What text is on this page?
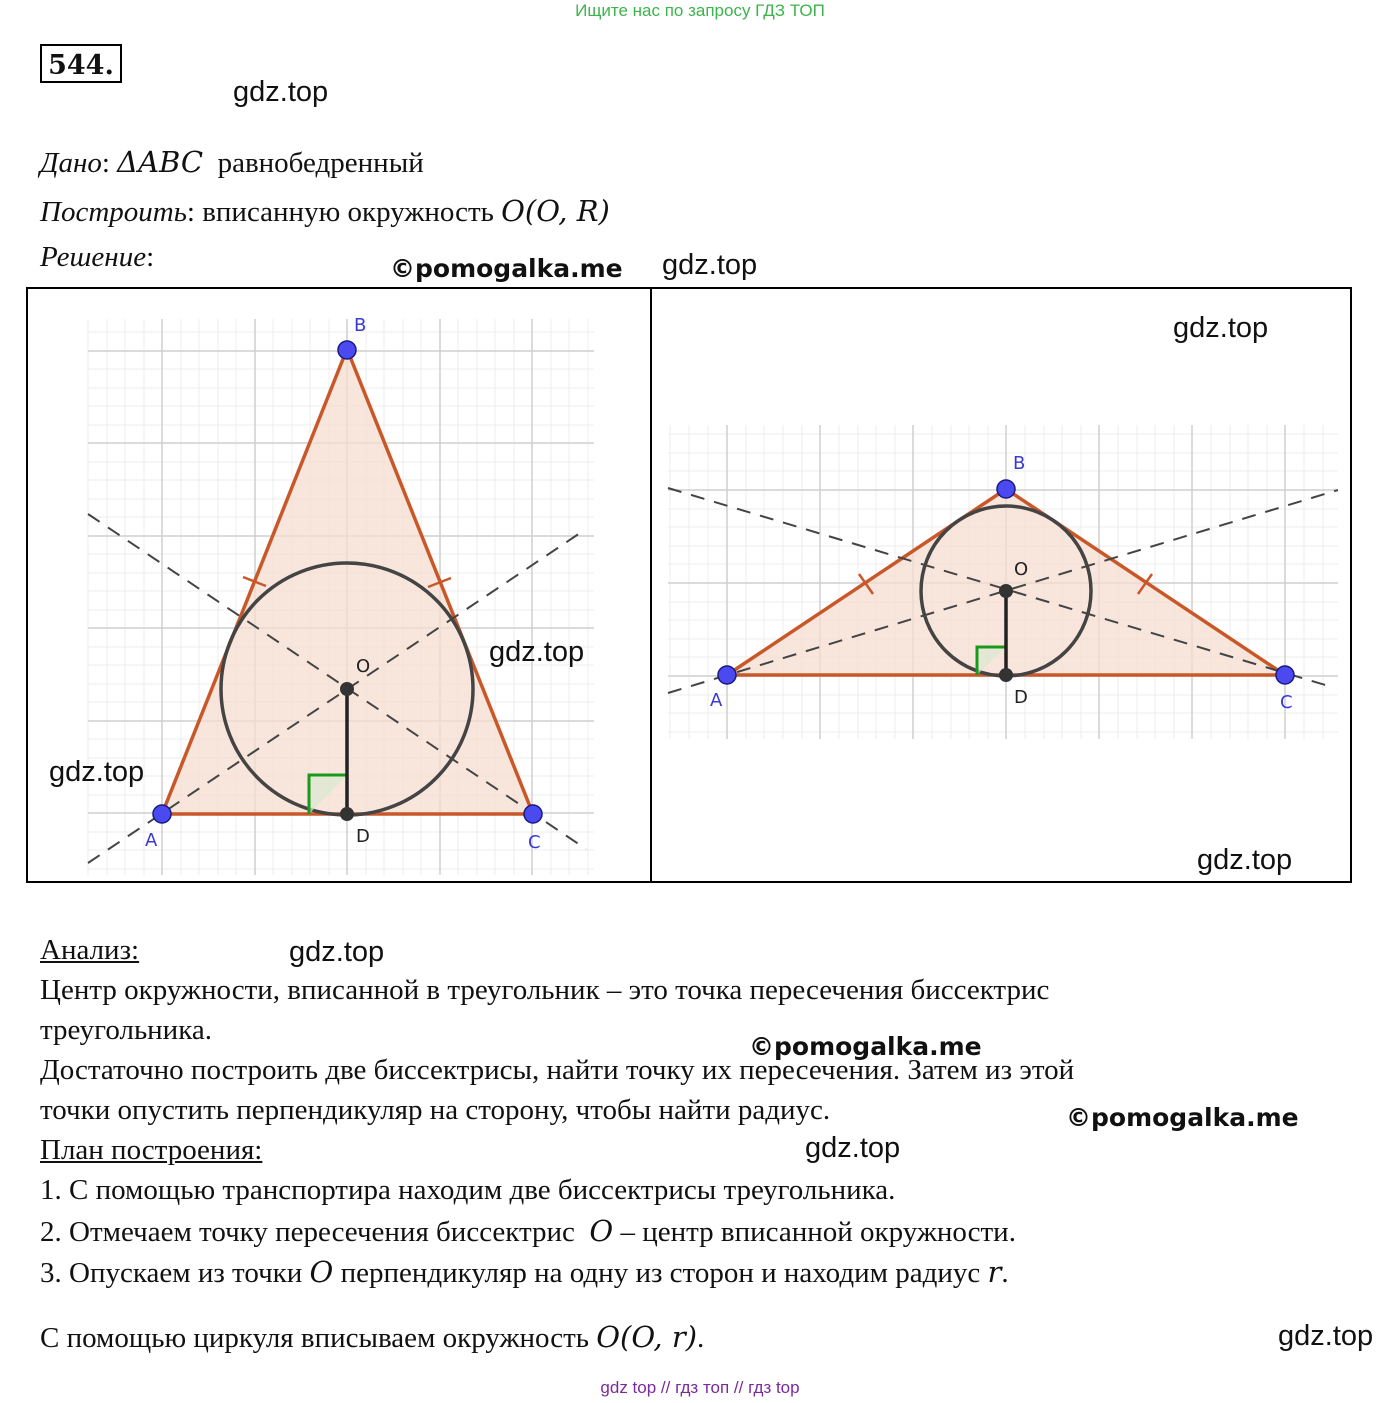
Ищите нас по запросу ГДЗ ТОП
544.
gdz.top
Дано: ΔABC равнобедренный
Построить: вписанную окружность O(O, R)
Решение:	©pomogalka.me gdz.top
B
A	C
O
D
gdz.top
gdz.top
B
A	C
O
D
gdz.top
gdz.top
Анализ:	gdz.top
Центр окружности, вписанной в треугольник – это точка пересечения биссектрис
треугольника.
©pomogalka.me
Достаточно построить две биссектрисы, найти точку их пересечения. Затем из этой
точки опустить перпендикуляр на сторону, чтобы найти радиус.	©pomogalka.me
План построения:	gdz.top
1. С помощью транспортира находим две биссектрисы треугольника.
2. Отмечаем точку пересечения биссектрис O – центр вписанной окружности.
3. Опускаем из точки O перпендикуляр на одну из сторон и находим радиус r.
С помощью циркуля вписываем окружность O(O, r).	gdz.top
gdz top // гдз топ // гдз top
